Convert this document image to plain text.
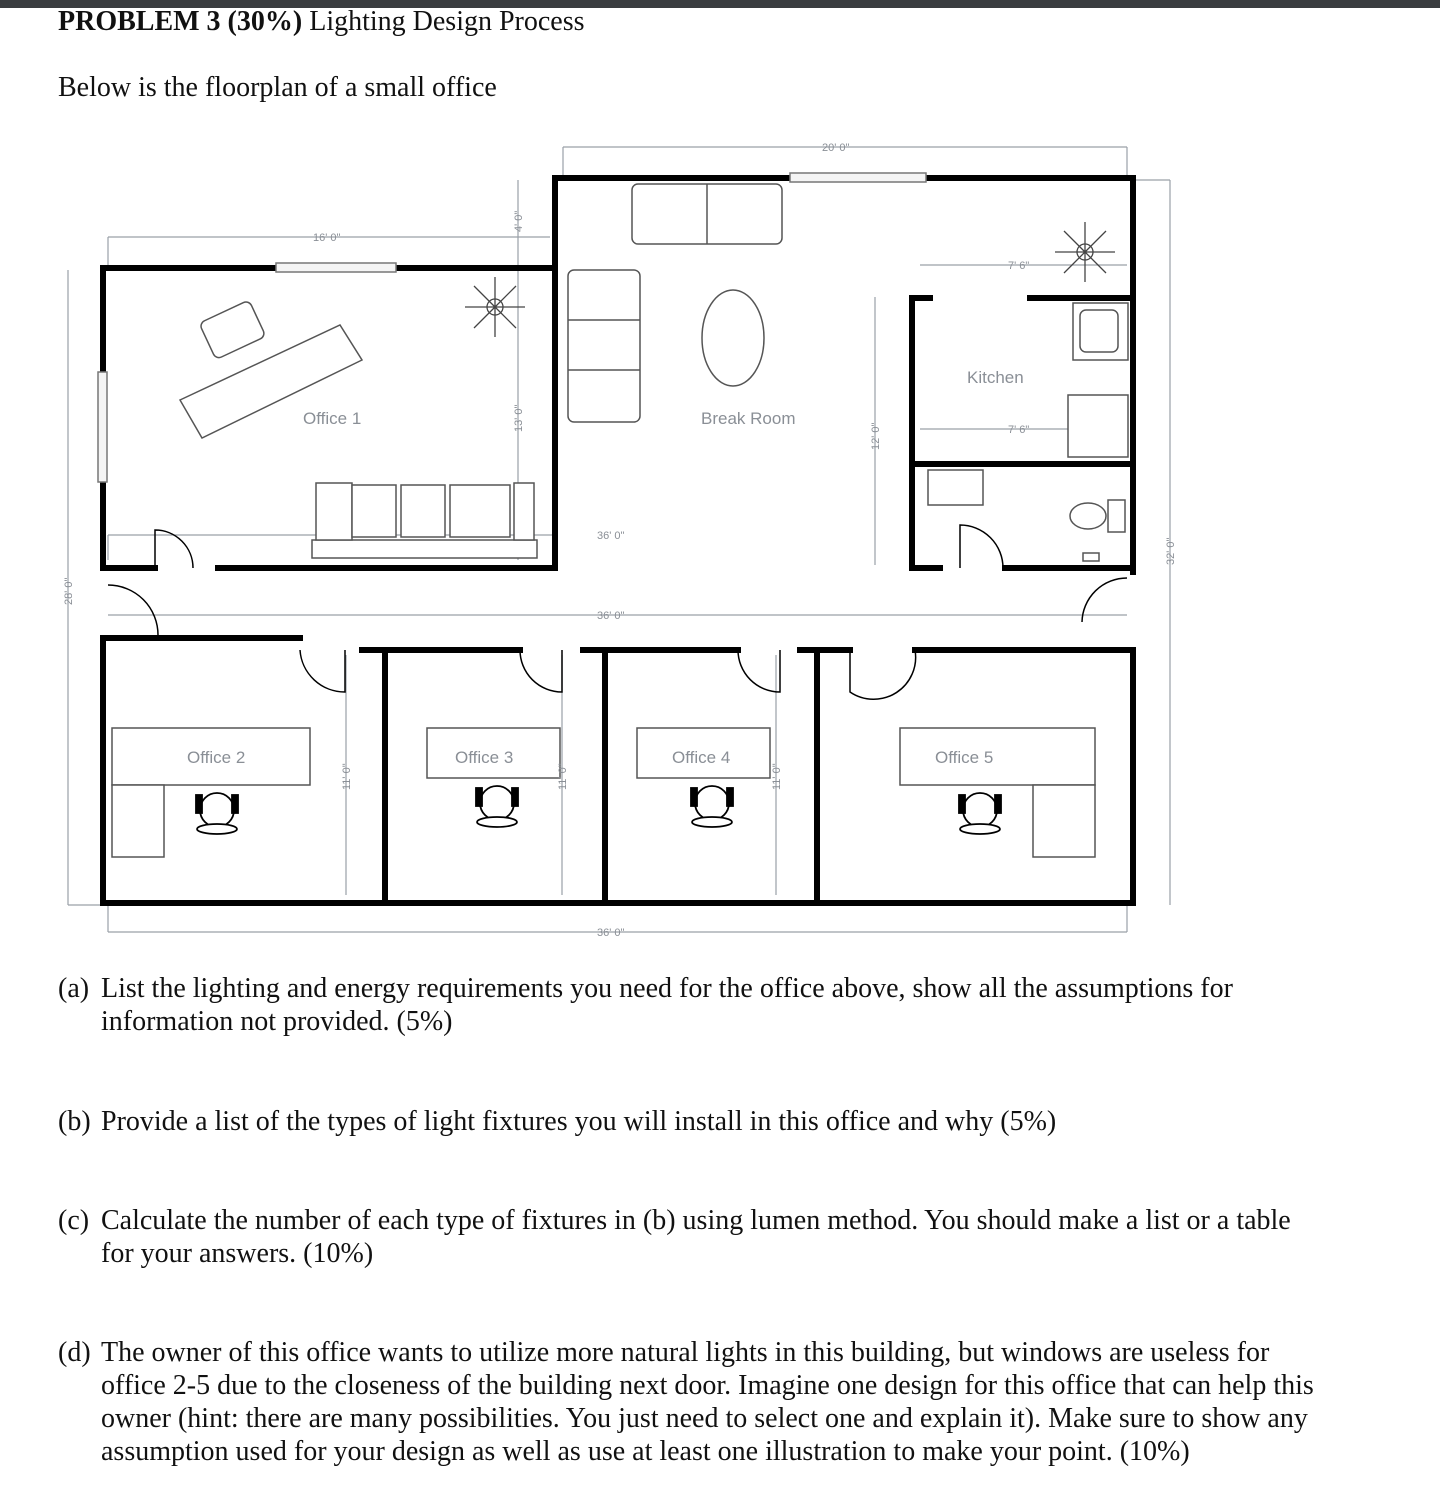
PROBLEM 3 (30%) Lighting Design Process
Below is the floorplan of a small office
Office 1	Break Room
Kitchen
Office 2	Office 3	Office 4	Office 5
20' 0"
16' 0"
4' 0"
13' 0"
7' 6"
7' 6"
12' 0"
36' 0"
36' 0"
36' 0"
28' 0"
32' 0"
11' 0"	11' 0"	11' 0"
(a) List the lighting and energy requirements you need for the office above, show all the assumptions for
information not provided. (5%)
(b) Provide a list of the types of light fixtures you will install in this office and why (5%)
(c) Calculate the number of each type of fixtures in (b) using lumen method. You should make a list or a table
for your answers. (10%)
(d) The owner of this office wants to utilize more natural lights in this building, but windows are useless for
office 2-5 due to the closeness of the building next door. Imagine one design for this office that can help this
owner (hint: there are many possibilities. You just need to select one and explain it). Make sure to show any
assumption used for your design as well as use at least one illustration to make your point. (10%)
